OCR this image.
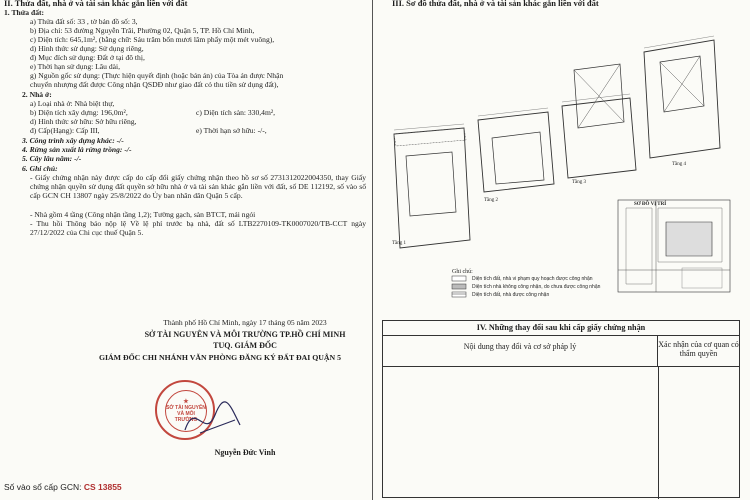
II. Thửa đất, nhà ở và tài sản khác gắn liền với đất
1. Thửa đất:
a) Thửa đất số: 33 , tờ bản đồ số: 3,
b) Địa chỉ: 53 đường Nguyễn Trãi, Phường 02, Quận 5, TP. Hồ Chí Minh,
c) Diện tích: 645,1m², (bằng chữ: Sáu trăm bốn mươi lăm phẩy một mét vuông),
d) Hình thức sử dụng: Sử dụng riêng,
đ) Mục đích sử dụng: Đất ở tại đô thị,
e) Thời hạn sử dụng: Lâu dài,
g) Nguồn gốc sử dụng: (Thực hiện quyết định (hoặc bản án) của Tòa án được Nhận
chuyển nhượng đất được Công nhận QSDĐ như giao đất có thu tiền sử dụng đất),
2. Nhà ở:
a) Loại nhà ở: Nhà biệt thự,
b) Diện tích xây dựng: 196,0m²,	c) Diện tích sàn: 330,4m²,
d) Hình thức sở hữu: Sở hữu riêng,
đ) Cấp(Hạng): Cấp III,	e) Thời hạn sở hữu: -/-,
3. Công trình xây dựng khác: -/-
4. Rừng sản xuất là rừng trồng: -/-
5. Cây lâu năm: -/-
6. Ghi chú:
- Giấy chứng nhận này được cấp do cấp đổi giấy chứng nhận theo hồ sơ số 2731312022004350, thay Giấy chứng nhận quyền sử dụng đất quyền sở hữu nhà ở và tài sản khác gắn liền với đất, số DE 112192, số vào sổ cấp GCN CH 13807 ngày 25/8/2022 do Ủy ban nhân dân Quận 5 cấp.
- Nhà gồm 4 tầng (Công nhận tầng 1,2); Tường gạch, sàn BTCT, mái ngói
- Thu hồi Thông báo nộp lệ Về lệ phí trước bạ nhà, đất số LTB2270109-TK0007020/TB-CCT ngày 27/12/2022 của Chi cục thuế Quận 5.
Thành phố Hồ Chí Minh, ngày 17 tháng 05 năm 2023
SỞ TÀI NGUYÊN VÀ MÔI TRƯỜNG TP.HỒ CHÍ MINH
TUQ. GIÁM ĐỐC
GIÁM ĐỐC CHI NHÁNH VĂN PHÒNG ĐĂNG KÝ ĐẤT ĐAI QUẬN 5
★
SỞ TÀI NGUYÊN VÀ MÔI TRƯỜNG
Nguyễn Đức Vinh
Số vào sổ cấp GCN: CS 13855
III. Sơ đồ thửa đất, nhà ở và tài sản khác gắn liền với đất
Tầng 1
Tầng 2
Tầng 3
Tầng 4
SƠ ĐỒ VỊ TRÍ
Ghi chú:
Diện tích đất, nhà vi phạm quy hoạch được công nhận
Diện tích nhà không công nhận, do chưa được công nhận
Diện tích đất, nhà được công nhận
IV. Những thay đổi sau khi cấp giấy chứng nhận
Nội dung thay đổi và cơ sở pháp lý	Xác nhận của cơ quan có thẩm quyền
